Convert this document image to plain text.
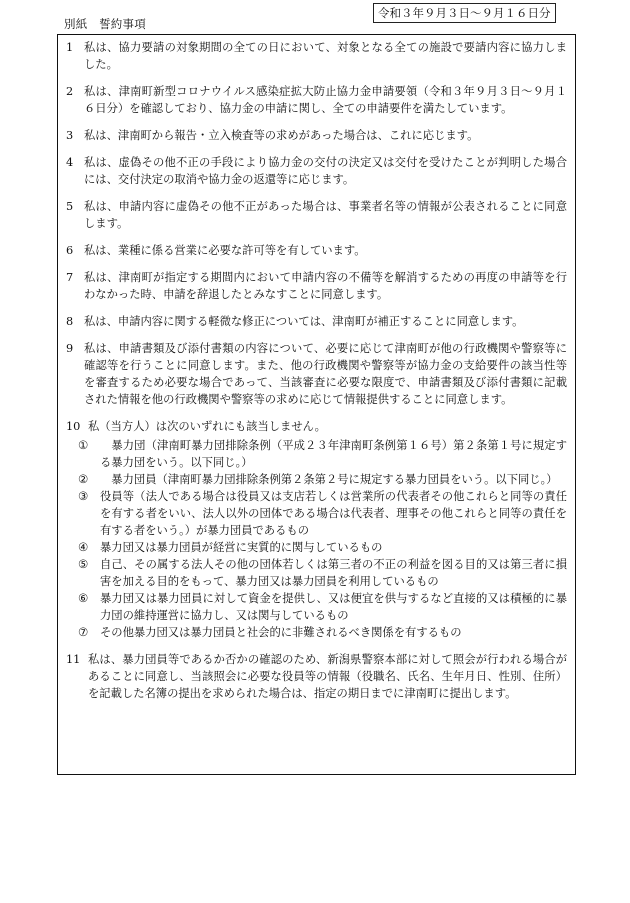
別紙　誓約事項
令和３年９月３日〜９月１６日分
1 私は、協力要請の対象期間の全ての日において、対象となる全ての施設で要請内容に協力しました。
2 私は、津南町新型コロナウイルス感染症拡大防止協力金申請要領（令和３年９月３日〜９月１６日分）を確認しており、協力金の申請に関し、全ての申請要件を満たしています。
3 私は、津南町から報告・立入検査等の求めがあった場合は、これに応じます。
4 私は、虚偽その他不正の手段により協力金の交付の決定又は交付を受けたことが判明した場合には、交付決定の取消や協力金の返還等に応じます。
5 私は、申請内容に虚偽その他不正があった場合は、事業者名等の情報が公表されることに同意します。
6 私は、業種に係る営業に必要な許可等を有しています。
7 私は、津南町が指定する期間内において申請内容の不備等を解消するための再度の申請等を行わなかった時、申請を辞退したとみなすことに同意します。
8 私は、申請内容に関する軽微な修正については、津南町が補正することに同意します。
9 私は、申請書類及び添付書類の内容について、必要に応じて津南町が他の行政機関や警察等に確認等を行うことに同意します。また、他の行政機関や警察等が協力金の支給要件の該当性等を審査するため必要な場合であって、当該審査に必要な限度で、申請書類及び添付書類に記載された情報を他の行政機関や警察等の求めに応じて情報提供することに同意します。
10 私（当方人）は次のいずれにも該当しません。
①	　暴力団（津南町暴力団排除条例（平成２３年津南町条例第１６号）第２条第１号に規定する暴力団をいう。以下同じ。）
②	　暴力団員（津南町暴力団排除条例第２条第２号に規定する暴力団員をいう。以下同じ。）
③	役員等（法人である場合は役員又は支店若しくは営業所の代表者その他これらと同等の責任を有する者をいい、法人以外の団体である場合は代表者、理事その他これらと同等の責任を有する者をいう。）が暴力団員であるもの
④	暴力団又は暴力団員が経営に実質的に関与しているもの
⑤	自己、その属する法人その他の団体若しくは第三者の不正の利益を図る目的又は第三者に損害を加える目的をもって、暴力団又は暴力団員を利用しているもの
⑥	暴力団又は暴力団員に対して資金を提供し、又は便宜を供与するなど直接的又は積極的に暴力団の維持運営に協力し、又は関与しているもの
⑦	その他暴力団又は暴力団員と社会的に非難されるべき関係を有するもの
11 私は、暴力団員等であるか否かの確認のため、新潟県警察本部に対して照会が行われる場合があることに同意し、当該照会に必要な役員等の情報（役職名、氏名、生年月日、性別、住所）を記載した名簿の提出を求められた場合は、指定の期日までに津南町に提出します。
